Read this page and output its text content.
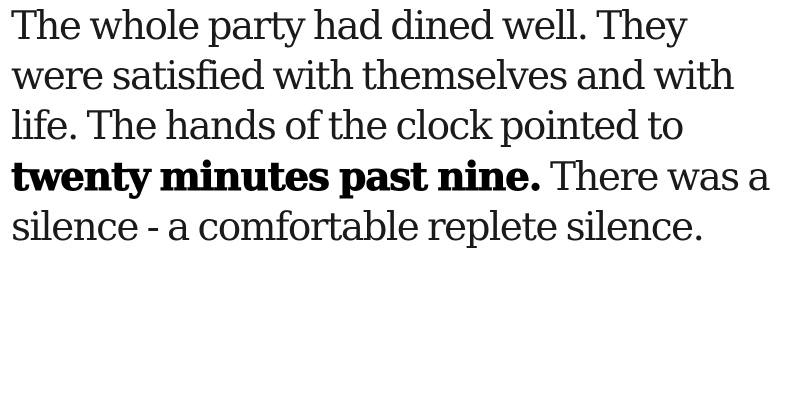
The whole party had dined well. They were satisfied with themselves and with life. The hands of the clock pointed to twenty minutes past nine. There was a silence - a comfortable replete silence.
